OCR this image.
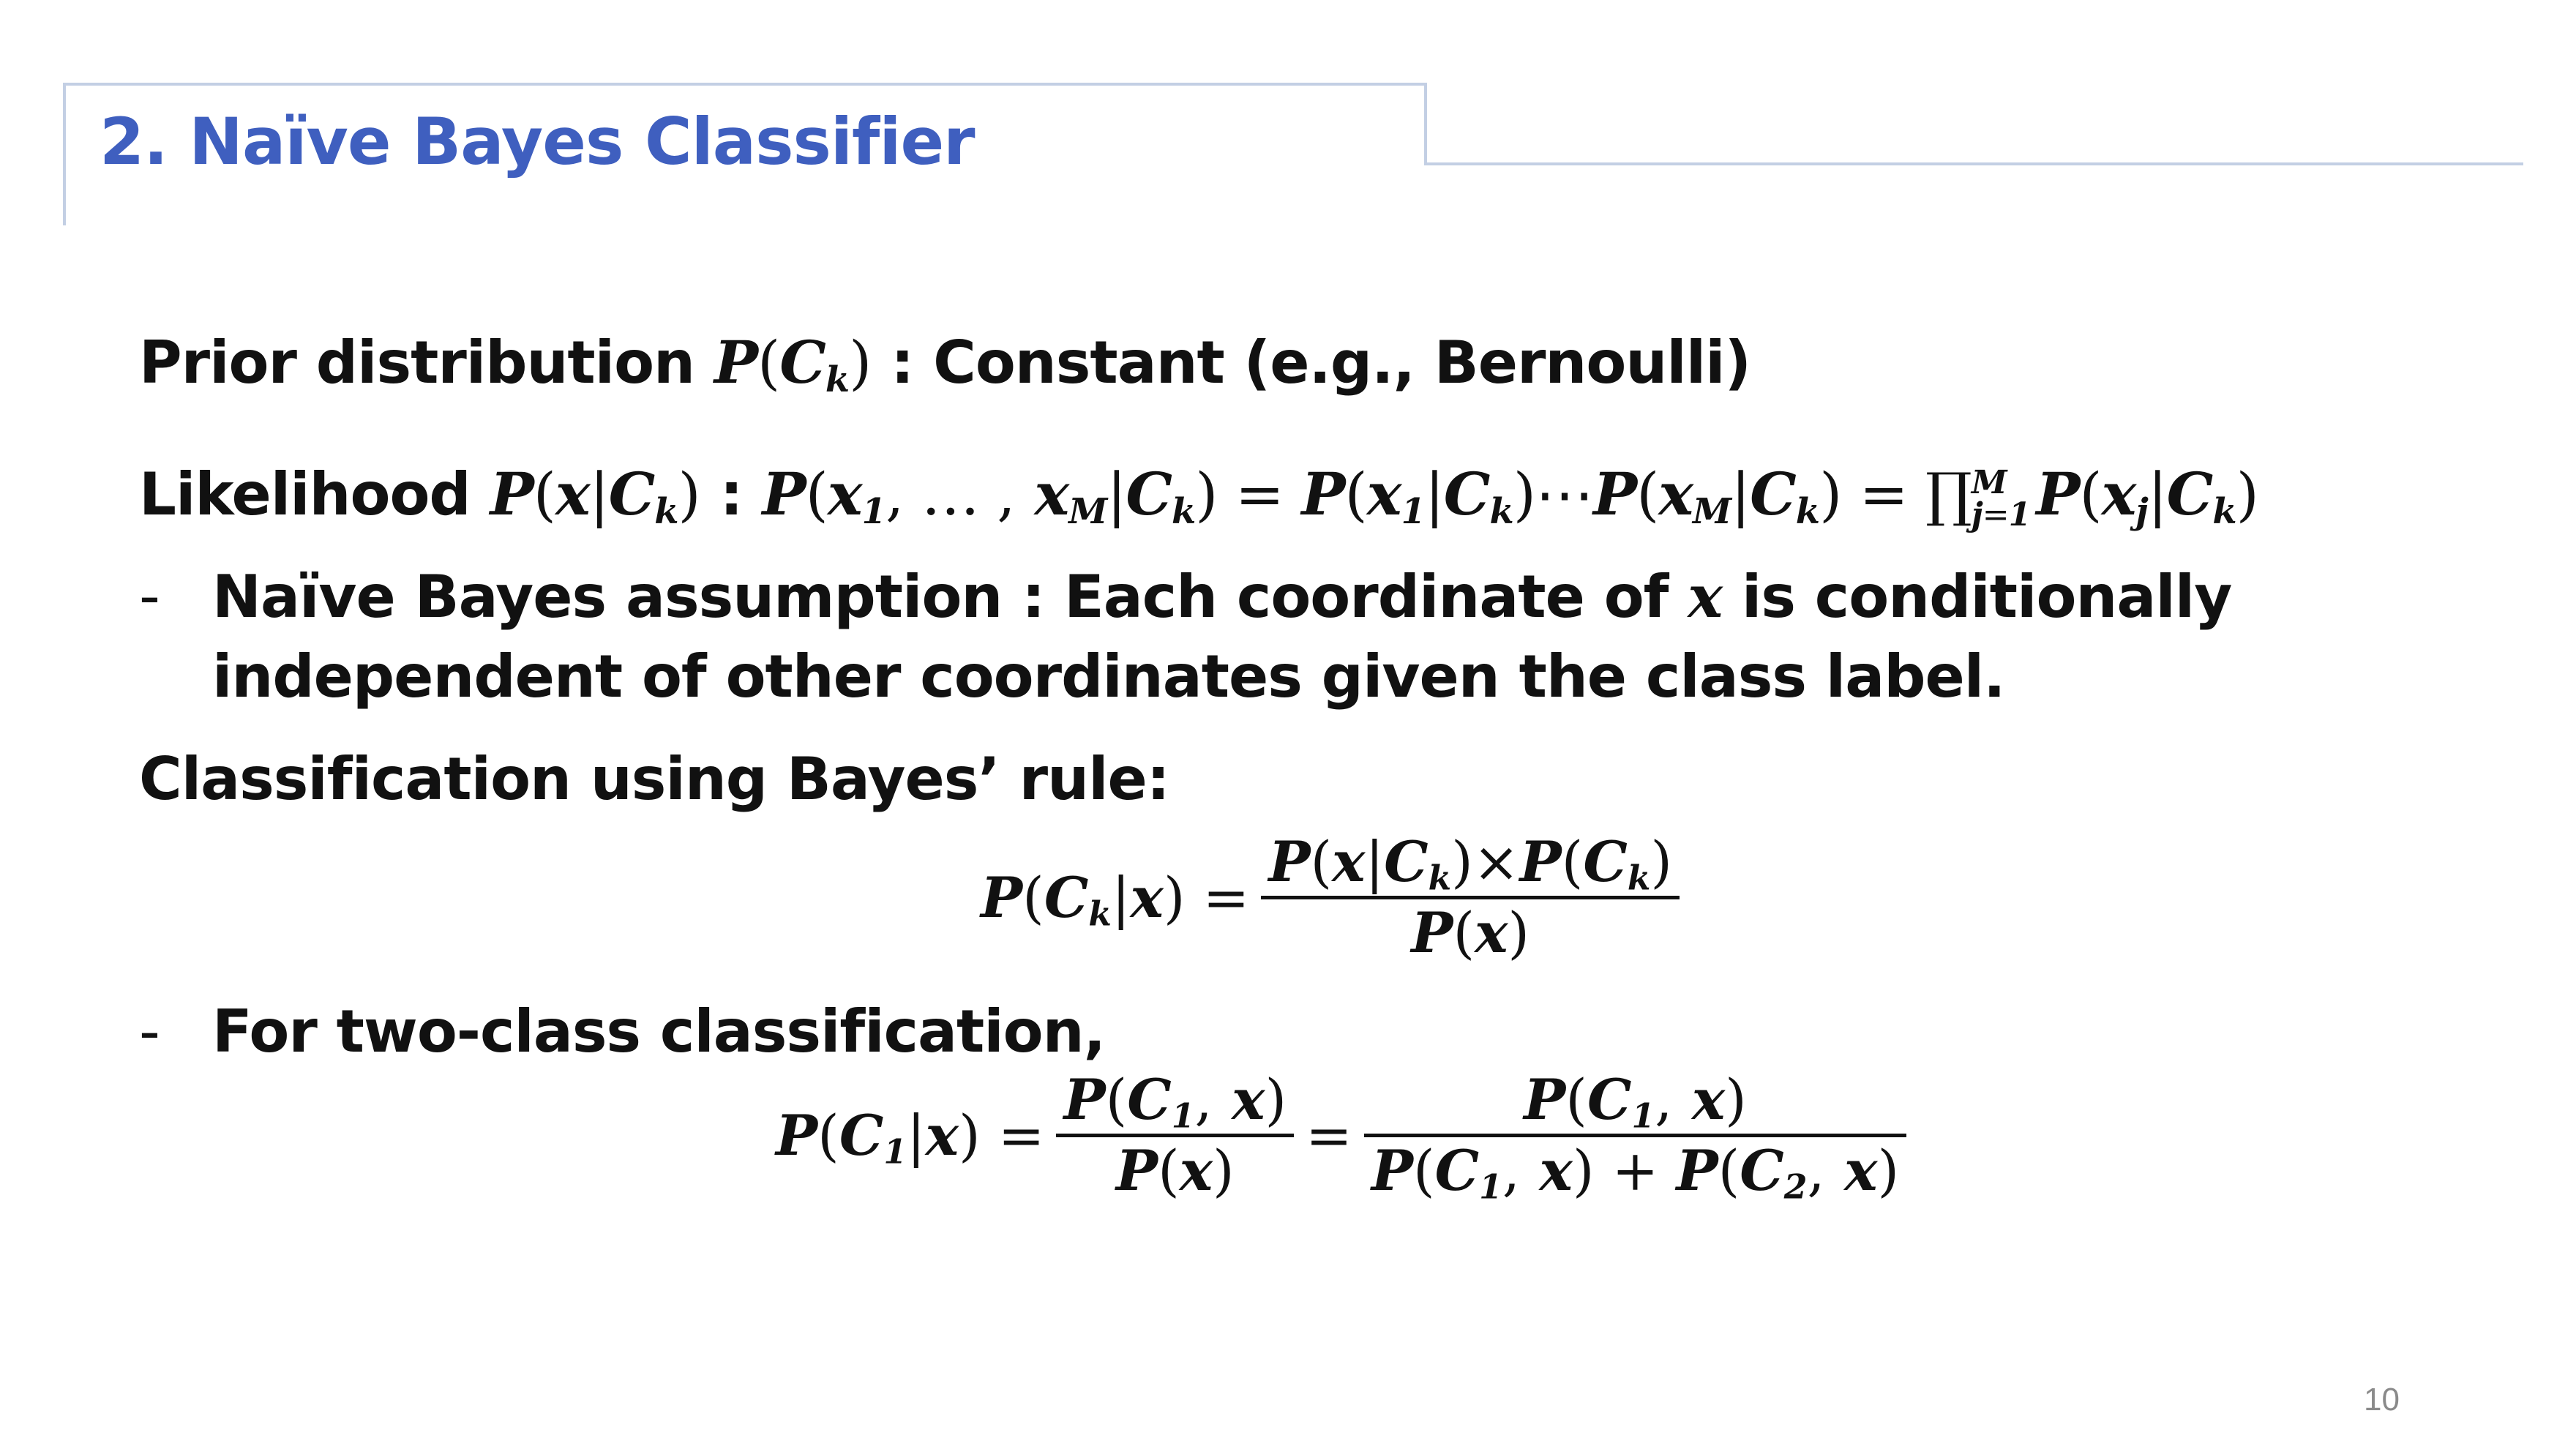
2. Naïve Bayes Classifier
Prior distribution $P(C_k)$ : Constant (e.g., Bernoulli)
Likelihood $P(x|C_k)$ : $P(x_1$, … , $x_M|C_k$) = $P(x_1|C_k)\cdots P(x_M|C_k)$ = ∏ M
j=1 $P(x_j|C_k)$
- Naïve Bayes assumption : Each coordinate of x is conditionally
independent of other coordinates given the class label.
Classification using Bayes’ rule:
$P(C_k|x)$ =
$P(x|C_k)\times P(C_k)$
P(x)
- For two-class classification,
$P(C_1|x)$ =
$P(C_1$, x)
P(x)
=
$P(C_1$, x)
$P(C_1$, $x) + P(C_2$, x)
10
